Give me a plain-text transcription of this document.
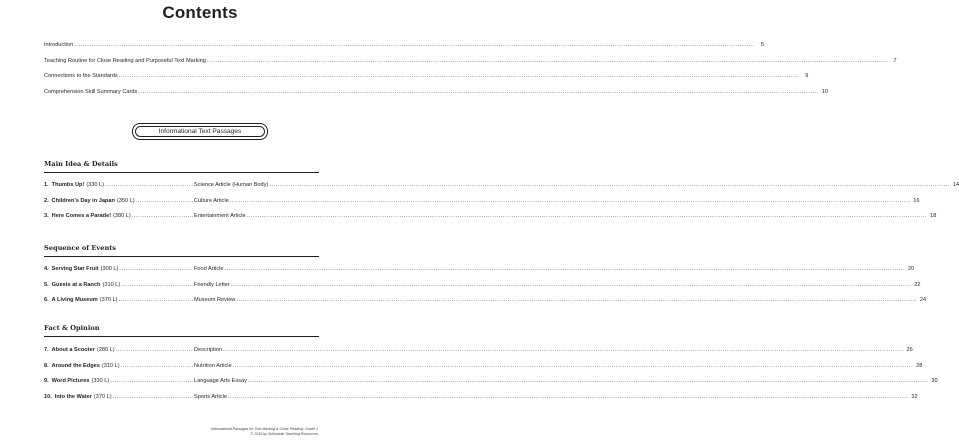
Contents
Introduction .....	5
Teaching Routine for Close Reading and Purposeful Text Marking .....	7
Connections to the Standards .....	9
Comprehension Skill Summary Cards .....	10
Informational Text Passages
Main Idea & Details
1. Thumbs Up! (330 L) .....	Science Article (Human Body) .....	14
2. Children’s Day in Japan (350 L) .....	Culture Article .....	16
3. Here Comes a Parade! (380 L) .....	Entertainment Article .....	18
Sequence of Events
4. Serving Star Fruit (300 L) .....	Food Article .....	20
5. Guests at a Ranch (310 L) .....	Friendly Letter .....	22
6. A Living Museum (370 L) .....	Museum Review .....	24
Fact & Opinion
7. About a Scooter (280 L) .....	Description .....	26
8. Around the Edges (310 L) .....	Nutrition Article .....	28
9. Word Pictures (330 L) .....	Language Arts Essay .....	30
10. Into the Water (370 L) .....	Sports Article .....	32
Informational Passages for Text Marking & Close Reading: Grade 1
© 2015 by Scholastic Teaching Resources
